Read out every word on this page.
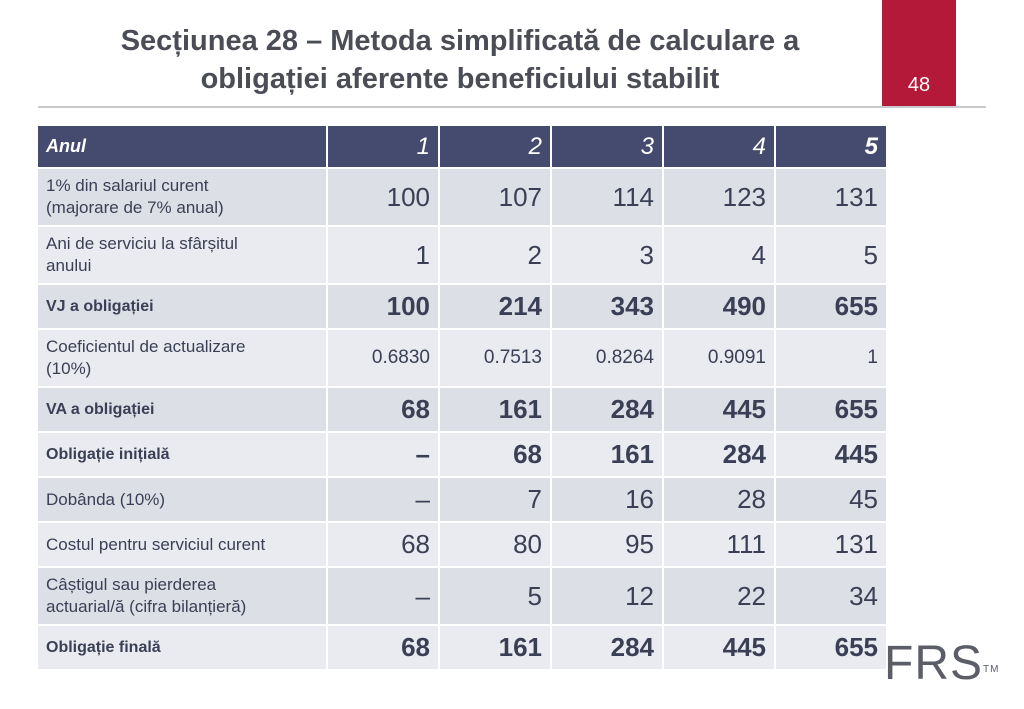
Secțiunea 28 – Metoda simplificată de calculare a
obligației aferente beneficiului stabilit	48
Anul	1	2	3	4	5

1% din salariul curent
(majorare de 7% anual)	100	107	114	123	131

Ani de serviciu la sfârșitul
anului	1	2	3	4	5
VJ a obligației	100	214	343	490	655

Coeficientul de actualizare
(10%)	0.6830	0.7513	0.8264	0.9091	1
VA a obligației	68	161	284	445	655
Obligație inițială	–	68	161	284	445
Dobânda (10%)	–	7	16	28	45
Costul pentru serviciul curent	68	80	95	111	131

Câștigul sau pierderea
actuarial/ă (cifra bilanțieră)	–	5	12	22	34
Obligație finală	68	161	284	445	655 FRS™
